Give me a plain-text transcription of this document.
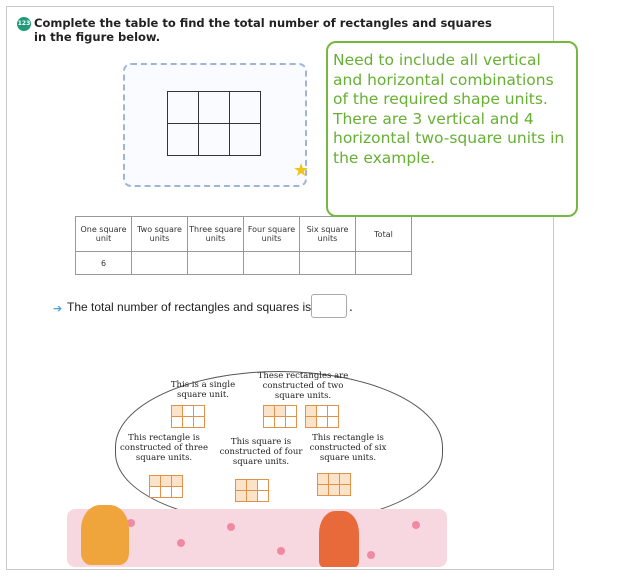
123 Complete the table to find the total number of rectangles and squares in the figure below.

★
One square unit	Two square units	Three square units	Four square units	Six square units	Total
6					
➔ The total number of rectangles and squares is	.
This is a single square unit.

These rectangles are constructed of two square units.

This rectangle is constructed of three square units.

This square is constructed of four square units.

This rectangle is constructed of six square units.

Need to include all vertical and horizontal combinations of the required shape units. There are 3 vertical and 4 horizontal two-square units in the example.
